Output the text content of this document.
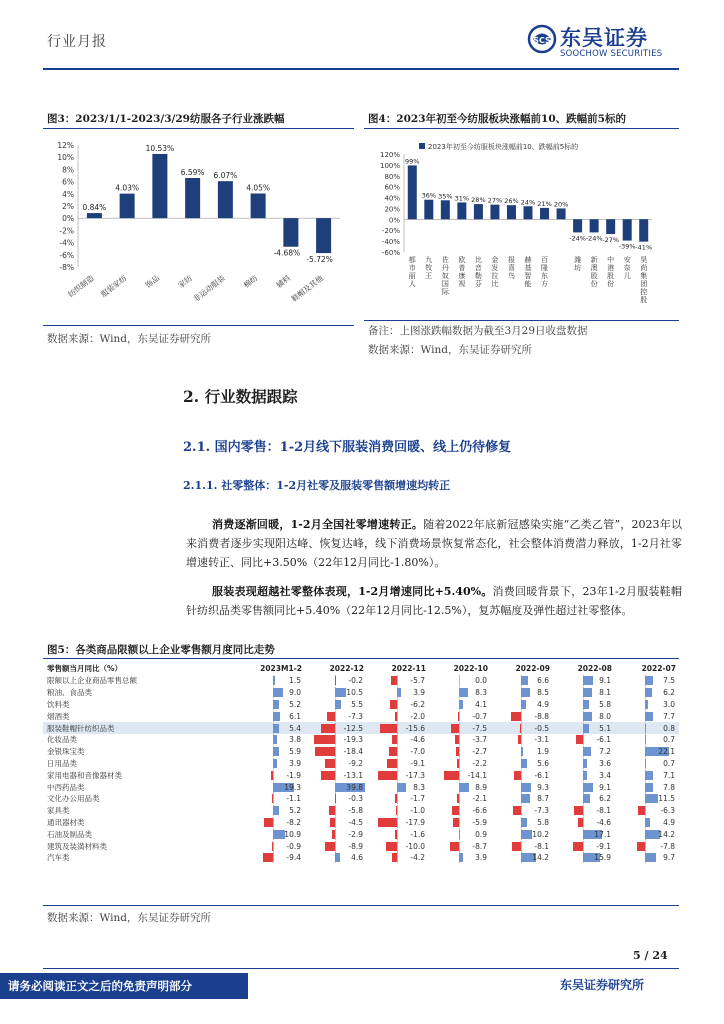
行业月报	SCS 东吴证券
SOOCHOW SECURITIES
图3：2023/1/1-2023/3/29纺服各子行业涨跌幅
12%
10%
8%
6%
4%
2%
0%
-2%
-4%
-6%
-8%
0.84%
纺织制造
4.03%
服装家纺
10.53%
饰品
6.59%
家纺
6.07%
非运动服装
4.05%
棉纺
-4.68%
辅料
-5.72%
鞋帽及其他
数据来源：Wind，东吴证券研究所
图4：2023年初至今纺服板块涨幅前10、跌幅前5标的
120%
100%
80%
60%
40%
20%
0%
-20%
-40%
-60%
2023年初至今纺服板块涨幅前10、跌幅前5标的
99%
都
市
丽
人
36%
九
牧
王
35%
佐
丹
奴
国
际
31%
欧
普
康
视
28%
比
音
勒
芬
27%
金
发
拉
比
26%
报
喜
鸟
24%
赫
基
智
能
21%
百
隆
东
方
20%
-24%
潍
坊
-24%
新
澳
股
份
-27%
中
港
股
份
-39%
安
奈
儿
-41%
昊
尚
集
团
控
股
备注：上图涨跌幅数据为截至3月29日收盘数据
数据来源：Wind，东吴证券研究所
2. 行业数据跟踪
2.1. 国内零售：1-2月线下服装消费回暖、线上仍待修复
2.1.1. 社零整体：1-2月社零及服装零售额增速均转正
消费逐渐回暖，1-2月全国社零增速转正。随着2022年底新冠感染实施“乙类乙管”，2023年以来消费者逐步实现阳达峰、恢复达峰，线下消费场景恢复常态化，社会整体消费潜力释放，1-2月社零增速转正、同比+3.50%（22年12月同比-1.80%）。
服装表现超越社零整体表现，1-2月增速同比+5.40%。消费回暖背景下，23年1-2月服装鞋帽针纺织品类零售额同比+5.40%（22年12月同比-12.5%），复苏幅度及弹性超过社零整体。
图5：各类商品限额以上企业零售额月度同比走势
零售额当月同比（%）	2023M1-2	2022-12	2022-11	2022-10	2022-09	2022-08	2022-07
限额以上企业商品零售总额	1.5	-0.2	-5.7	0.0	6.6	9.1	7.5

粮油、食品类	9.0	10.5	3.9	8.3	8.5	8.1	6.2

饮料类	5.2	5.5	-6.2	4.1	4.9	5.8	3.0

烟酒类	6.1	-7.3	-2.0	-0.7	-8.8	8.0	7.7

服装鞋帽针纺织品类	5.4	-12.5	-15.6	-7.5	-0.5	5.1	0.8

化妆品类	3.8	-19.3	-4.6	-3.7	-3.1	-6.1	0.7

金银珠宝类	5.9	-18.4	-7.0	-2.7	1.9	7.2	22.1

日用品类	3.9	-9.2	-9.1	-2.2	5.6	3.6	0.7

家用电器和音像器材类	-1.9	-13.1	-17.3	-14.1	-6.1	3.4	7.1

中西药品类	19.3	39.8	8.3	8.9	9.3	9.1	7.8

文化办公用品类	-1.1	-0.3	-1.7	-2.1	8.7	6.2	11.5

家具类	5.2	-5.8	-1.0	-6.6	-7.3	-8.1	-6.3

通讯器材类	-8.2	-4.5	-17.9	-5.9	5.8	-4.6	4.9

石油及制品类	10.9	-2.9	-1.6	0.9	10.2	17.1	14.2

建筑及装潢材料类	-0.9	-8.9	-10.0	-8.7	-8.1	-9.1	-7.8

汽车类	-9.4	4.6	-4.2	3.9	14.2	15.9	9.7
数据来源：Wind，东吴证券研究所
5 / 24
请务必阅读正文之后的免责声明部分	东吴证券研究所
